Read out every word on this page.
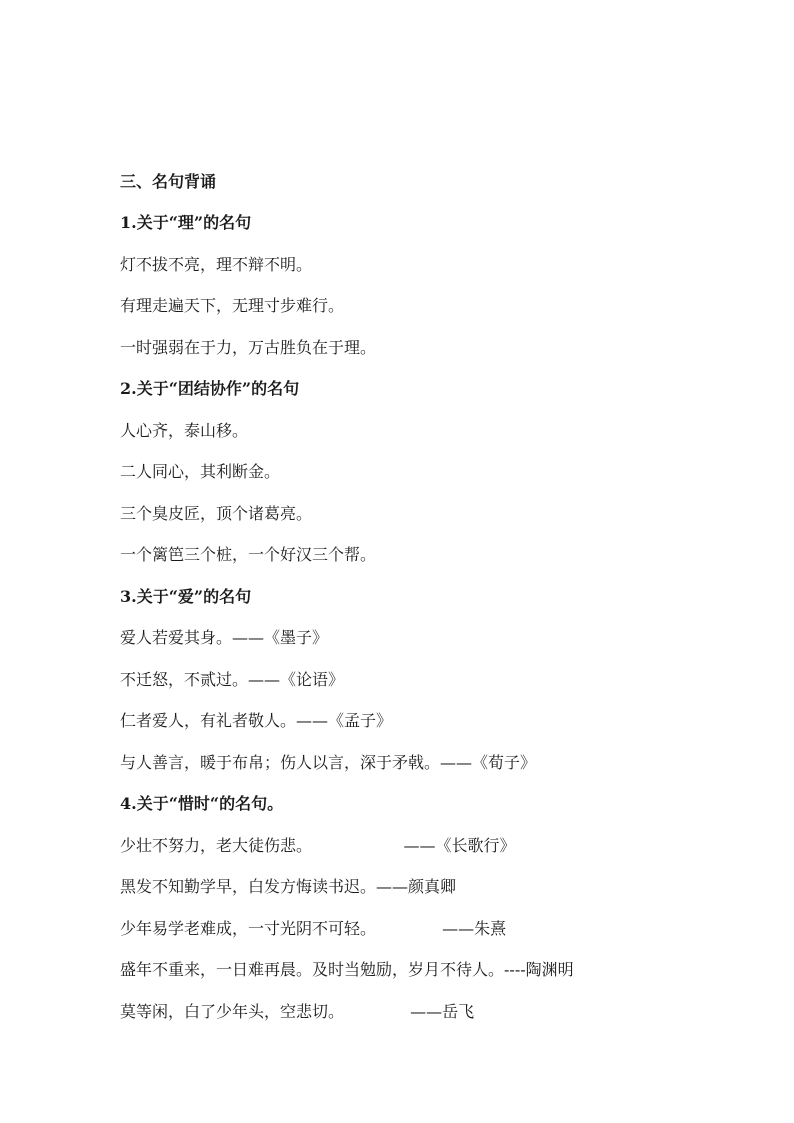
三、名句背诵

1.关于“理”的名句

灯不拔不亮，理不辩不明。

有理走遍天下，无理寸步难行。

一时强弱在于力，万古胜负在于理。

2.关于“团结协作”的名句

人心齐，泰山移。

二人同心，其利断金。

三个臭皮匠，顶个诸葛亮。

一个篱笆三个桩，一个好汉三个帮。

3.关于“爱”的名句

爱人若爱其身。——《墨子》

不迁怒，不贰过。——《论语》

仁者爱人，有礼者敬人。——《孟子》

与人善言，暖于布帛；伤人以言，深于矛戟。——《荀子》

4.关于“惜时“的名句。

少壮不努力，老大徒伤悲。                  ——《长歌行》

黑发不知勤学早，白发方悔读书迟。——颜真卿

少年易学老难成，一寸光阴不可轻。             ——朱熹

盛年不重来，一日难再晨。及时当勉励，岁月不待人。----陶渊明

莫等闲，白了少年头，空悲切。             ——岳飞
